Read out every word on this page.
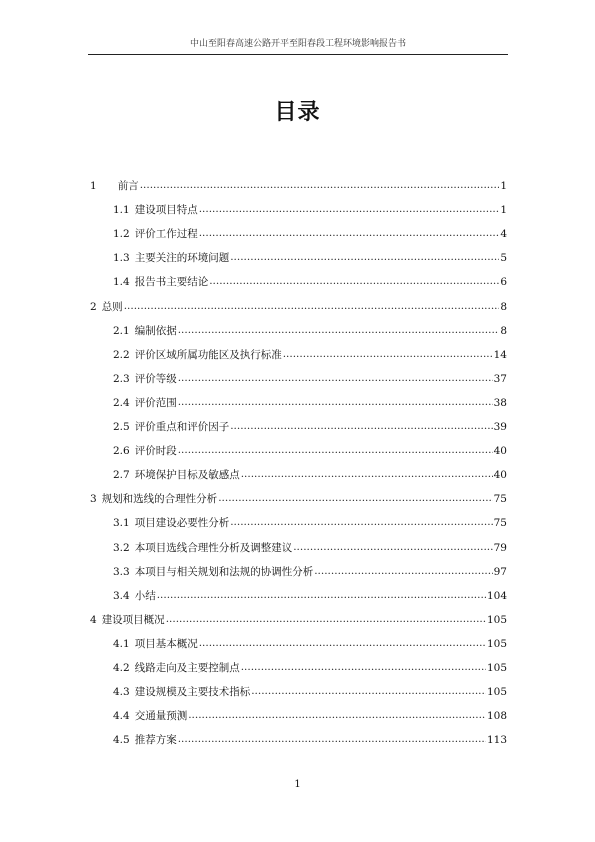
中山至阳春高速公路开平至阳春段工程环境影响报告书
目录
1 前言 .....	1
1.1 建设项目特点 .....	1
1.2 评价工作过程 .....	4
1.3 主要关注的环境问题 .....	5
1.4 报告书主要结论 .....	6
2 总则 .....	8
2.1 编制依据 .....	8
2.2 评价区域所属功能区及执行标准 .....	14
2.3 评价等级 .....	37
2.4 评价范围 .....	38
2.5 评价重点和评价因子 .....	39
2.6 评价时段 .....	40
2.7 环境保护目标及敏感点 .....	40
3 规划和选线的合理性分析 .....	75
3.1 项目建设必要性分析 .....	75
3.2 本项目选线合理性分析及调整建议 .....	79
3.3 本项目与相关规划和法规的协调性分析 .....	97
3.4 小结 .....	104
4 建设项目概况 .....	105
4.1 项目基本概况 .....	105
4.2 线路走向及主要控制点 .....	105
4.3 建设规模及主要技术指标 .....	105
4.4 交通量预测 .....	108
4.5 推荐方案 .....	113
1
